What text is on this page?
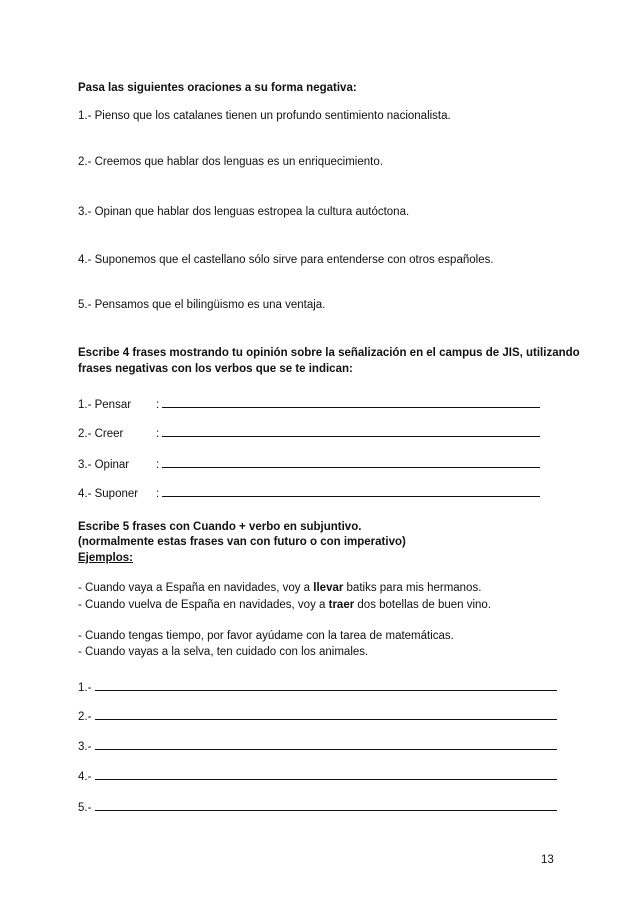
Pasa las siguientes oraciones a su forma negativa:
1.- Pienso que los catalanes tienen un profundo sentimiento nacionalista.
2.- Creemos que hablar dos lenguas es un enriquecimiento.
3.- Opinan que hablar dos lenguas estropea la cultura autóctona.
4.- Suponemos que el castellano sólo sirve para entenderse con otros españoles.
5.- Pensamos que el bilingüismo es una ventaja.
Escribe 4 frases mostrando tu opinión sobre la señalización en el campus de JIS, utilizando
frases negativas con los verbos que se te indican:
1.- Pensar :
2.- Creer	:
3.- Opinar :
4.- Suponer :
Escribe 5 frases con Cuando + verbo en subjuntivo.
(normalmente estas frases van con futuro o con imperativo)
Ejemplos:
- Cuando vaya a España en navidades, voy a llevar batiks para mis hermanos.
- Cuando vuelva de España en navidades, voy a traer dos botellas de buen vino.
- Cuando tengas tiempo, por favor ayúdame con la tarea de matemáticas.
- Cuando vayas a la selva, ten cuidado con los animales.
1.-
2.-
3.-
4.-
5.-
13
